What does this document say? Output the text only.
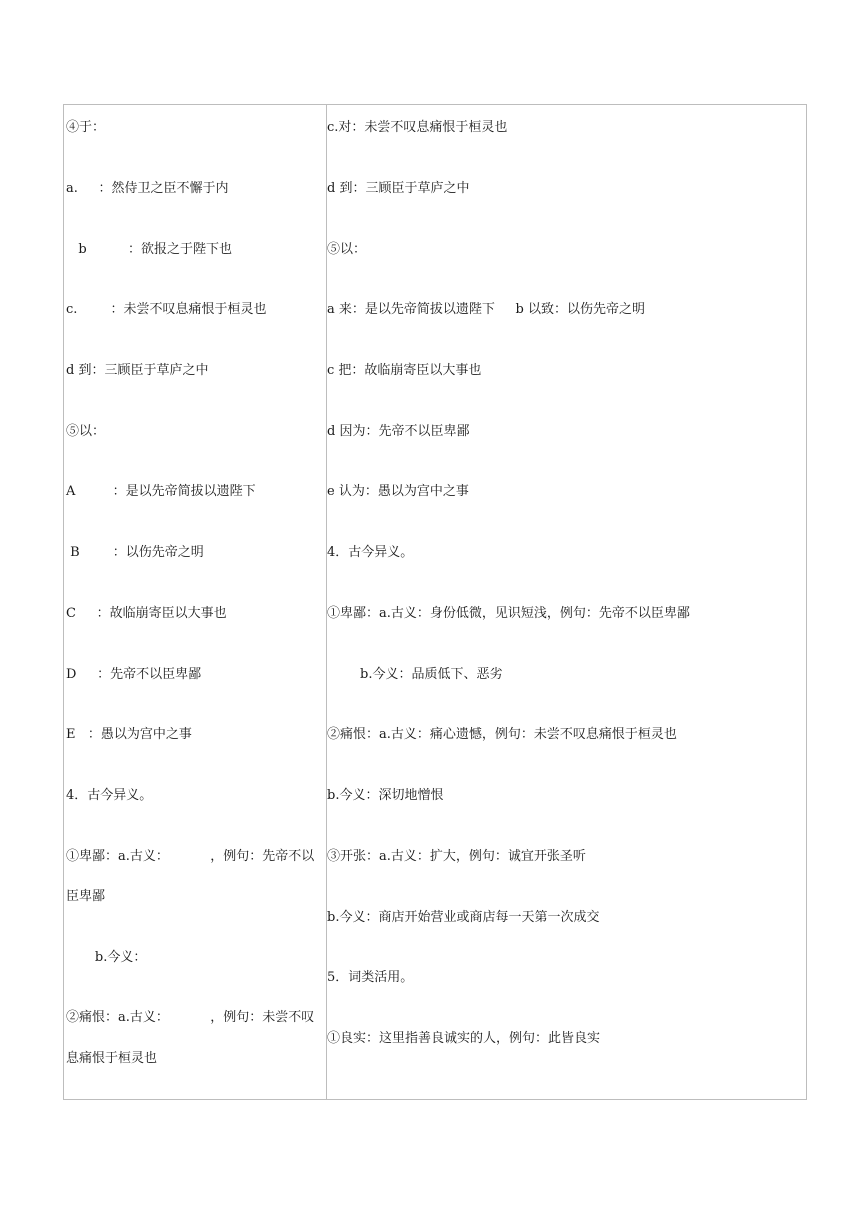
④于：
a.     ：然侍卫之臣不懈于内
b          ：欲报之于陛下也
c.        ：未尝不叹息痛恨于桓灵也
d 到：三顾臣于草庐之中
⑤以：
A         ：是以先帝简拔以遗陛下
B        ：以伤先帝之明
C     ：故临崩寄臣以大事也
D     ：先帝不以臣卑鄙
E   ：愚以为宫中之事
4．古今异义。
①卑鄙：a.古义：          ，例句：先帝不以
臣卑鄙
b.今义：
②痛恨：a.古义：          ，例句：未尝不叹
息痛恨于桓灵也
c.对：未尝不叹息痛恨于桓灵也
d 到：三顾臣于草庐之中
⑤以：
a 来：是以先帝简拔以遗陛下     b 以致：以伤先帝之明
c 把：故临崩寄臣以大事也
d 因为：先帝不以臣卑鄙
e 认为：愚以为宫中之事
4．古今异义。
①卑鄙：a.古义：身份低微，见识短浅，例句：先帝不以臣卑鄙
b.今义：品质低下、恶劣
②痛恨：a.古义：痛心遗憾，例句：未尝不叹息痛恨于桓灵也
b.今义：深切地憎恨
③开张：a.古义：扩大，例句：诚宜开张圣听
b.今义：商店开始营业或商店每一天第一次成交
5．词类活用。
①良实：这里指善良诚实的人，例句：此皆良实
